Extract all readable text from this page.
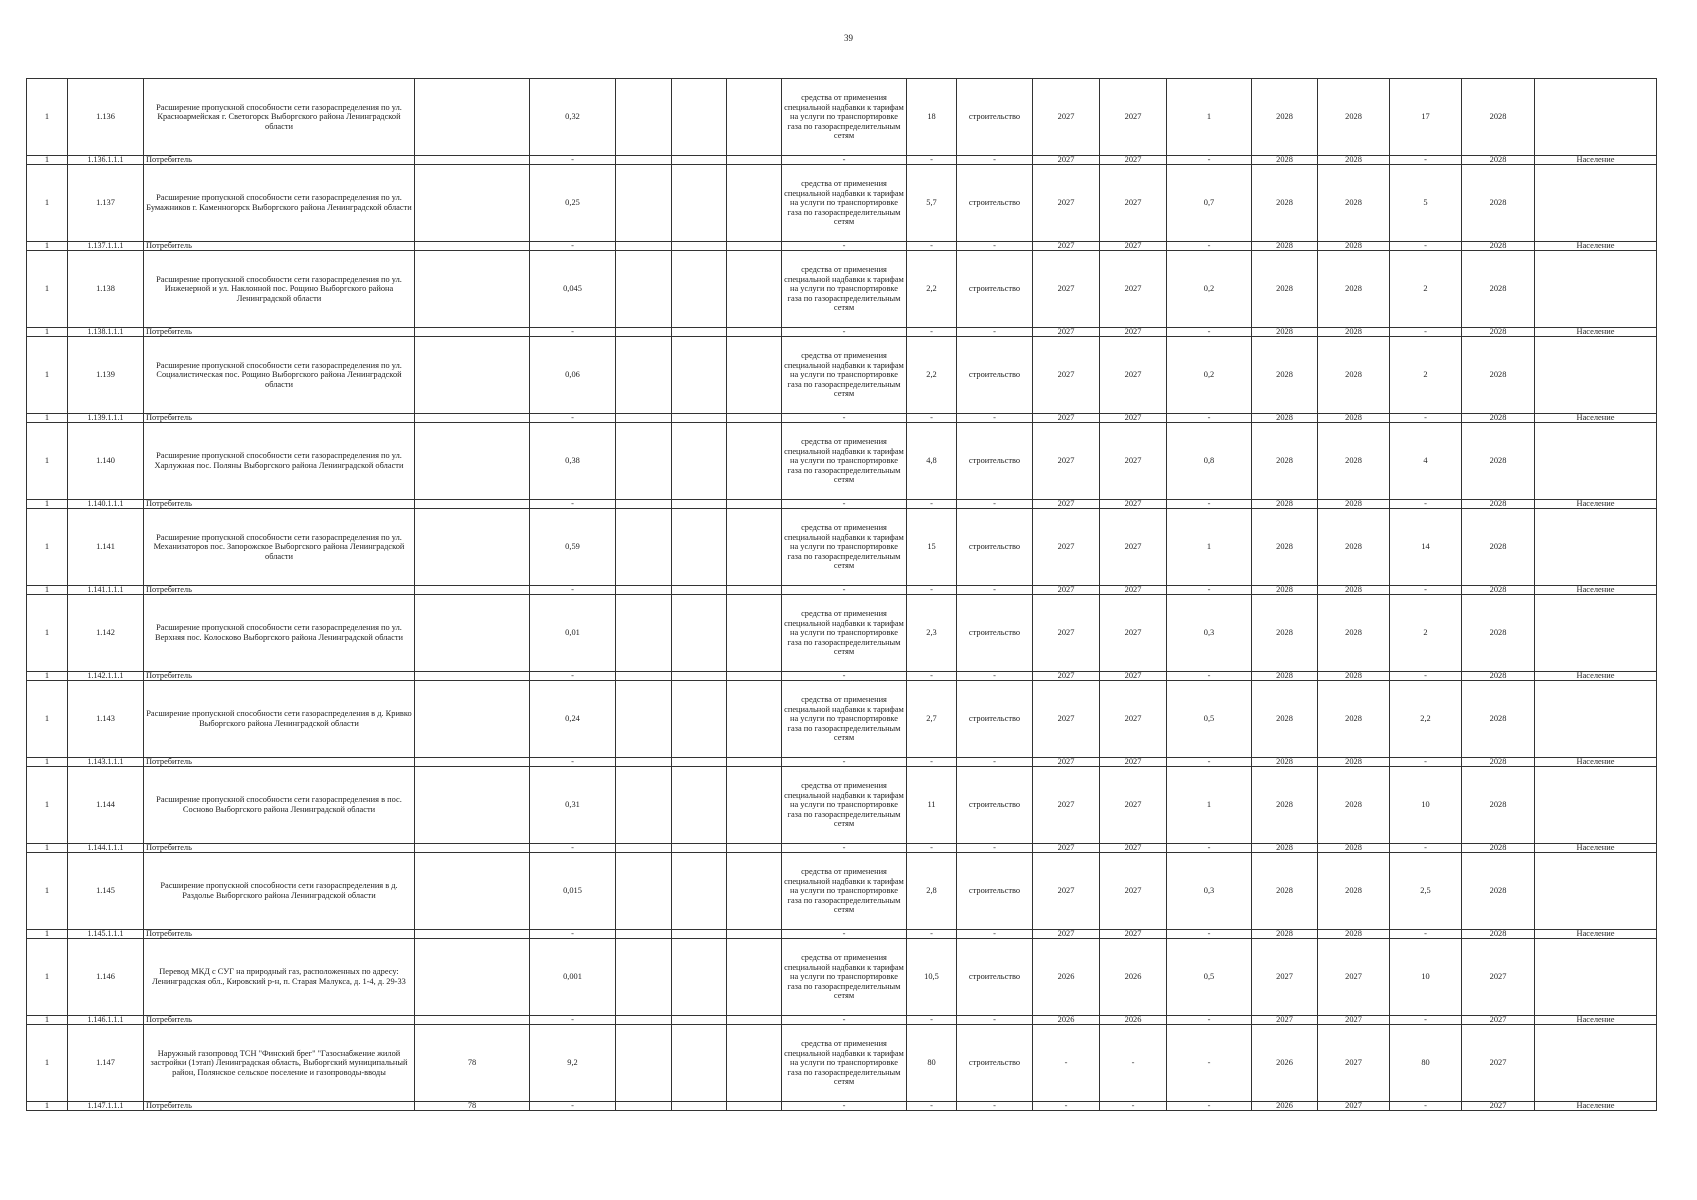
39
1	1.136	Расширение пропускной способности сети газораспределения по ул. Красноармейская г. Светогорск Выборгского района Ленинградской области		0,32				средства от применения специальной надбавки к тарифам на услуги по транспортировке газа по газораспределительным сетям	18	строительство	2027	2027	1	2028	2028	17	2028	
1	1.136.1.1.1	Потребитель		-				-	-	-	2027	2027	-	2028	2028	-	2028	Население
1	1.137	Расширение пропускной способности сети газораспределения по ул. Бумажников г. Каменногорск Выборгского района Ленинградской области		0,25				средства от применения специальной надбавки к тарифам на услуги по транспортировке газа по газораспределительным сетям	5,7	строительство	2027	2027	0,7	2028	2028	5	2028	
1	1.137.1.1.1	Потребитель		-				-	-	-	2027	2027	-	2028	2028	-	2028	Население
1	1.138	Расширение пропускной способности сети газораспределения по ул. Инженерной и ул. Наклонной пос. Рощино Выборгского района Ленинградской области		0,045				средства от применения специальной надбавки к тарифам на услуги по транспортировке газа по газораспределительным сетям	2,2	строительство	2027	2027	0,2	2028	2028	2	2028	
1	1.138.1.1.1	Потребитель		-				-	-	-	2027	2027	-	2028	2028	-	2028	Население
1	1.139	Расширение пропускной способности сети газораспределения по ул. Социалистическая пос. Рощино Выборгского района Ленинградской области		0,06				средства от применения специальной надбавки к тарифам на услуги по транспортировке газа по газораспределительным сетям	2,2	строительство	2027	2027	0,2	2028	2028	2	2028	
1	1.139.1.1.1	Потребитель		-				-	-	-	2027	2027	-	2028	2028	-	2028	Население
1	1.140	Расширение пропускной способности сети газораспределения по ул. Харлужная пос. Поляны Выборгского района Ленинградской области		0,38				средства от применения специальной надбавки к тарифам на услуги по транспортировке газа по газораспределительным сетям	4,8	строительство	2027	2027	0,8	2028	2028	4	2028	
1	1.140.1.1.1	Потребитель		-				-	-	-	2027	2027	-	2028	2028	-	2028	Население
1	1.141	Расширение пропускной способности сети газораспределения по ул. Механизаторов пос. Запорожское Выборгского района Ленинградской области		0,59				средства от применения специальной надбавки к тарифам на услуги по транспортировке газа по газораспределительным сетям	15	строительство	2027	2027	1	2028	2028	14	2028	
1	1.141.1.1.1	Потребитель		-				-	-	-	2027	2027	-	2028	2028	-	2028	Население
1	1.142	Расширение пропускной способности сети газораспределения по ул. Верхняя пос. Колосково Выборгского района Ленинградской области		0,01				средства от применения специальной надбавки к тарифам на услуги по транспортировке газа по газораспределительным сетям	2,3	строительство	2027	2027	0,3	2028	2028	2	2028	
1	1.142.1.1.1	Потребитель		-				-	-	-	2027	2027	-	2028	2028	-	2028	Население
1	1.143	Расширение пропускной способности сети газораспределения в д. Кривко Выборгского района Ленинградской области		0,24				средства от применения специальной надбавки к тарифам на услуги по транспортировке газа по газораспределительным сетям	2,7	строительство	2027	2027	0,5	2028	2028	2,2	2028	
1	1.143.1.1.1	Потребитель		-				-	-	-	2027	2027	-	2028	2028	-	2028	Население
1	1.144	Расширение пропускной способности сети газораспределения в пос. Сосново Выборгского района Ленинградской области		0,31				средства от применения специальной надбавки к тарифам на услуги по транспортировке газа по газораспределительным сетям	11	строительство	2027	2027	1	2028	2028	10	2028	
1	1.144.1.1.1	Потребитель		-				-	-	-	2027	2027	-	2028	2028	-	2028	Население
1	1.145	Расширение пропускной способности сети газораспределения в д. Раздолье Выборгского района Ленинградской области		0,015				средства от применения специальной надбавки к тарифам на услуги по транспортировке газа по газораспределительным сетям	2,8	строительство	2027	2027	0,3	2028	2028	2,5	2028	
1	1.145.1.1.1	Потребитель		-				-	-	-	2027	2027	-	2028	2028	-	2028	Население
1	1.146	Перевод МКД с СУГ на природный газ, расположенных по адресу: Ленинградская обл., Кировский р-н, п. Старая Малукса, д. 1-4, д. 29-33		0,001				средства от применения специальной надбавки к тарифам на услуги по транспортировке газа по газораспределительным сетям	10,5	строительство	2026	2026	0,5	2027	2027	10	2027	
1	1.146.1.1.1	Потребитель		-				-	-	-	2026	2026	-	2027	2027	-	2027	Население
1	1.147	Наружный газопровод ТСН "Финский брег" "Газоснабжение жилой застройки (1этап) Ленинградская область, Выборгский муниципальный район, Полянское сельское поселение и газопроводы-вводы	78	9,2				средства от применения специальной надбавки к тарифам на услуги по транспортировке газа по газораспределительным сетям	80	строительство	-	-	-	2026	2027	80	2027	
1	1.147.1.1.1	Потребитель	78	-				-	-	-	-	-	-	2026	2027	-	2027	Население
